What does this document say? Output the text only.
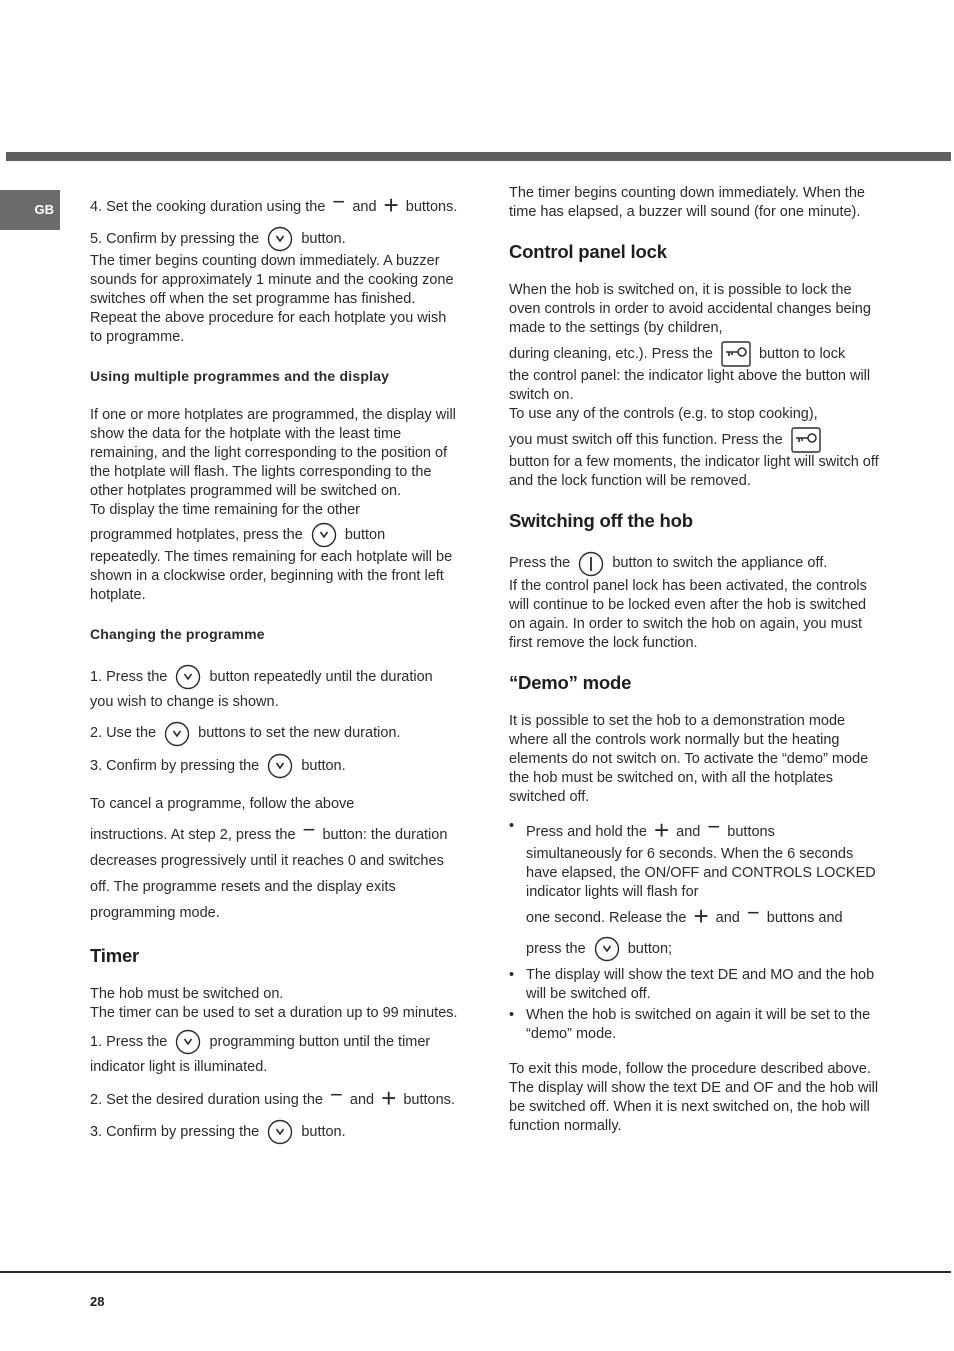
GB	4. Set the cooking duration using the − and + buttons.

5. Confirm by pressing the	button.

The timer begins counting down immediately. A buzzer sounds for approximately 1 minute and the cooking zone switches off when the set programme has finished.

Repeat the above procedure for each hotplate you wish to programme.

Using multiple programmes and the display

If one or more hotplates are programmed, the display will show the data for the hotplate with the least time remaining, and the light corresponding to the position of the hotplate will flash. The lights corresponding to the other hotplates programmed will be switched on.

To display the time remaining for the other

programmed hotplates, press the	button

repeatedly. The times remaining for each hotplate will be shown in a clockwise order, beginning with the front left hotplate.

Changing the programme

1. Press the	button repeatedly until the duration you wish to change is shown.

2. Use the	buttons to set the new duration.

3. Confirm by pressing the	button.

To cancel a programme, follow the above

instructions. At step 2, press the − button: the duration decreases progressively until it reaches 0 and switches off. The programme resets and the display exits programming mode.

Timer

The hob must be switched on.

The timer can be used to set a duration up to 99 minutes.

1. Press the	programming button until the timer indicator light is illuminated.

2. Set the desired duration using the − and + buttons.

3. Confirm by pressing the	button.

The timer begins counting down immediately. When the time has elapsed, a buzzer will sound (for one minute).

Control panel lock

When the hob is switched on, it is possible to lock the oven controls in order to avoid accidental changes being made to the settings (by children,

during cleaning, etc.). Press the	button to lock

the control panel: the indicator light above the button will switch on.

To use any of the controls (e.g. to stop cooking),

you must switch off this function. Press the

button for a few moments, the indicator light will switch off and the lock function will be removed.

Switching off the hob

Press the	button to switch the appliance off.

If the control panel lock has been activated, the controls will continue to be locked even after the hob is switched on again. In order to switch the hob on again, you must first remove the lock function.

“Demo” mode

It is possible to set the hob to a demonstration mode where all the controls work normally but the heating elements do not switch on. To activate the “demo” mode the hob must be switched on, with all the hotplates switched off.

• Press and hold the + and − buttons
simultaneously for 6 seconds. When the 6 seconds have elapsed, the ON/OFF and CONTROLS LOCKED indicator lights will flash for
one second. Release the + and − buttons and
press the	button;
• The display will show the text DE and MO and the hob will be switched off.
• When the hob is switched on again it will be set to the “demo” mode.

To exit this mode, follow the procedure described above. The display will show the text DE and OF and the hob will be switched off. When it is next switched on, the hob will function normally.

28
